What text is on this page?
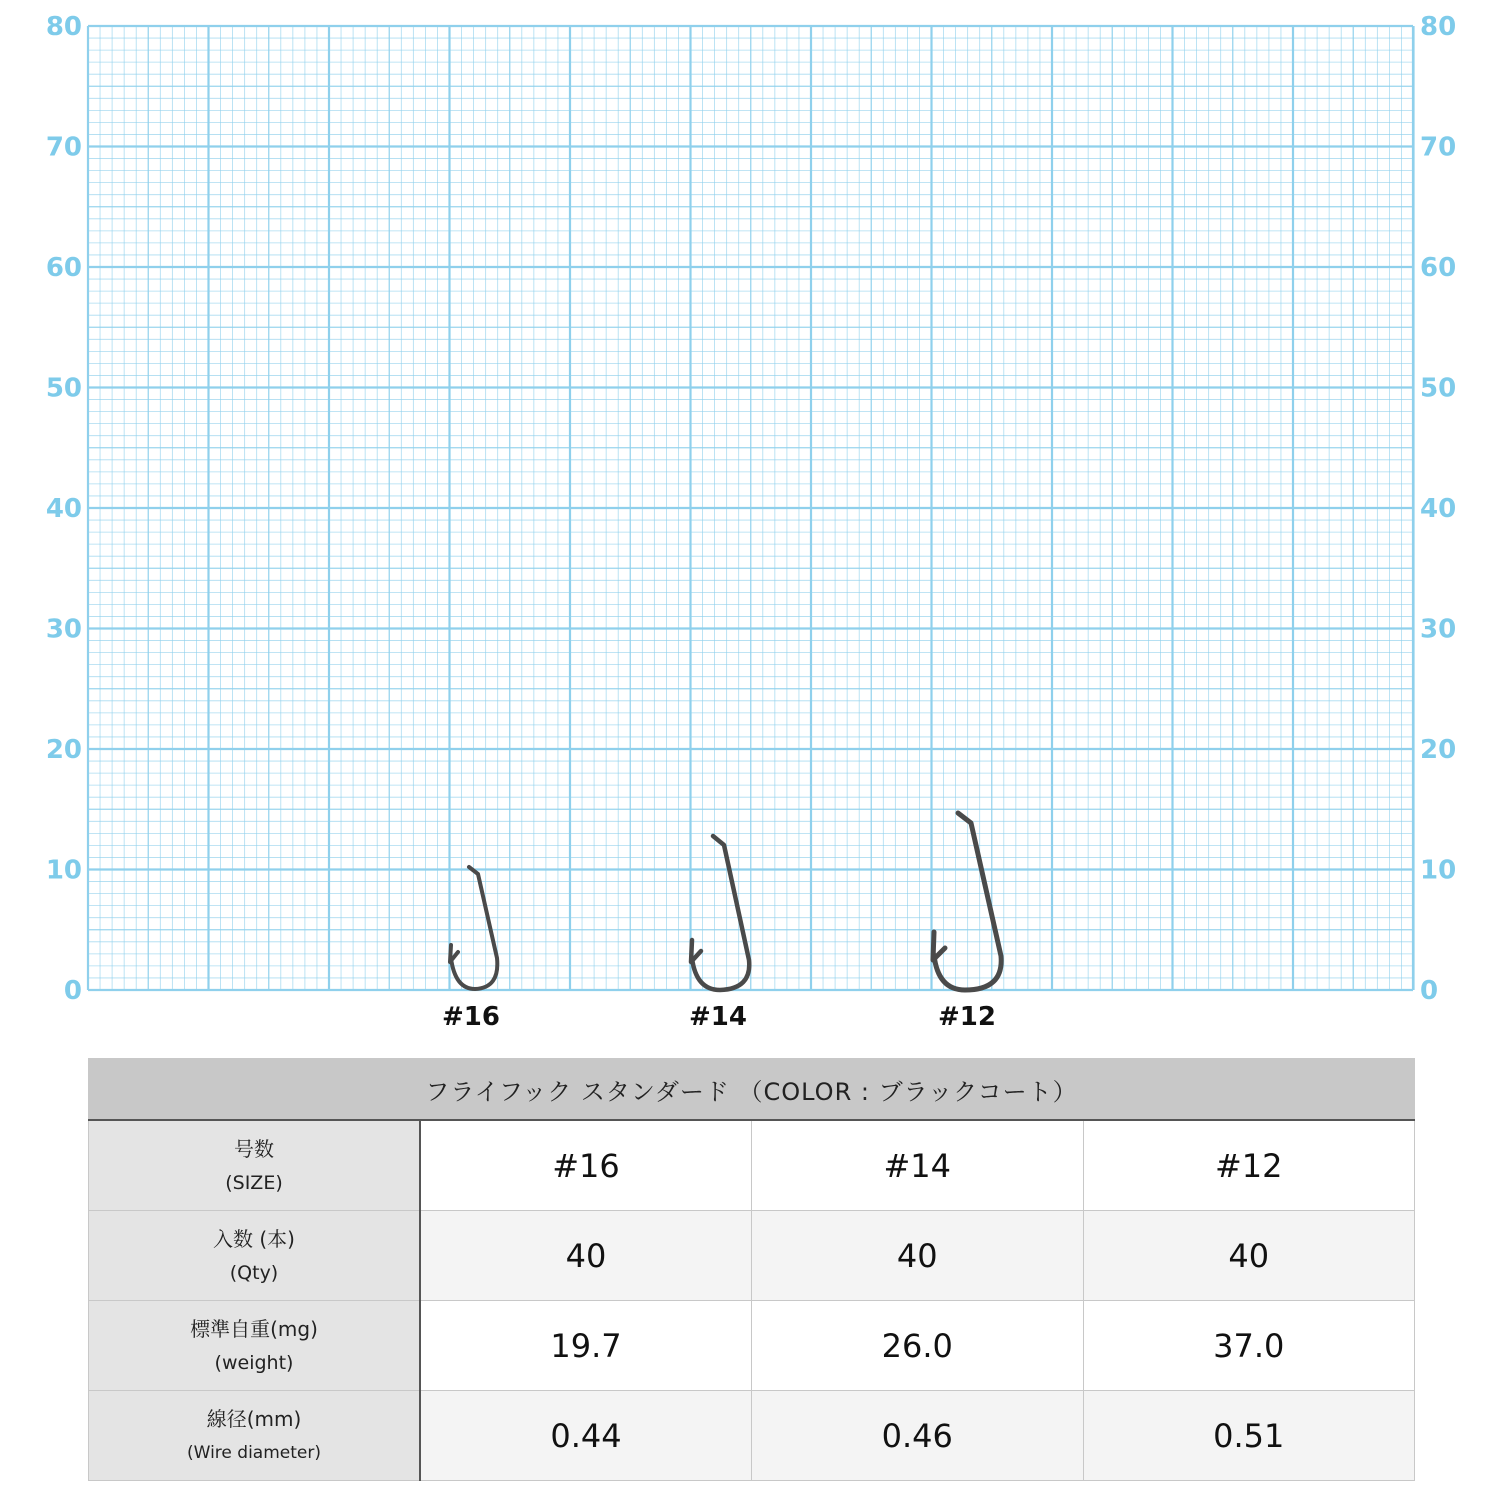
0
10
20
30
40
50
60
70
80
0
10
20
30
40
50
60
70
80
#16	#14	#12
フライフック スタンダード （COLOR : ブラックコート）			

号数
(SIZE)	#16	#14	#12

入数 (本)
(Qty)	40	40	40

標準自重(mg)
(weight)	19.7	26.0	37.0

線径(mm)
(Wire diameter)	0.44	0.46	0.51
